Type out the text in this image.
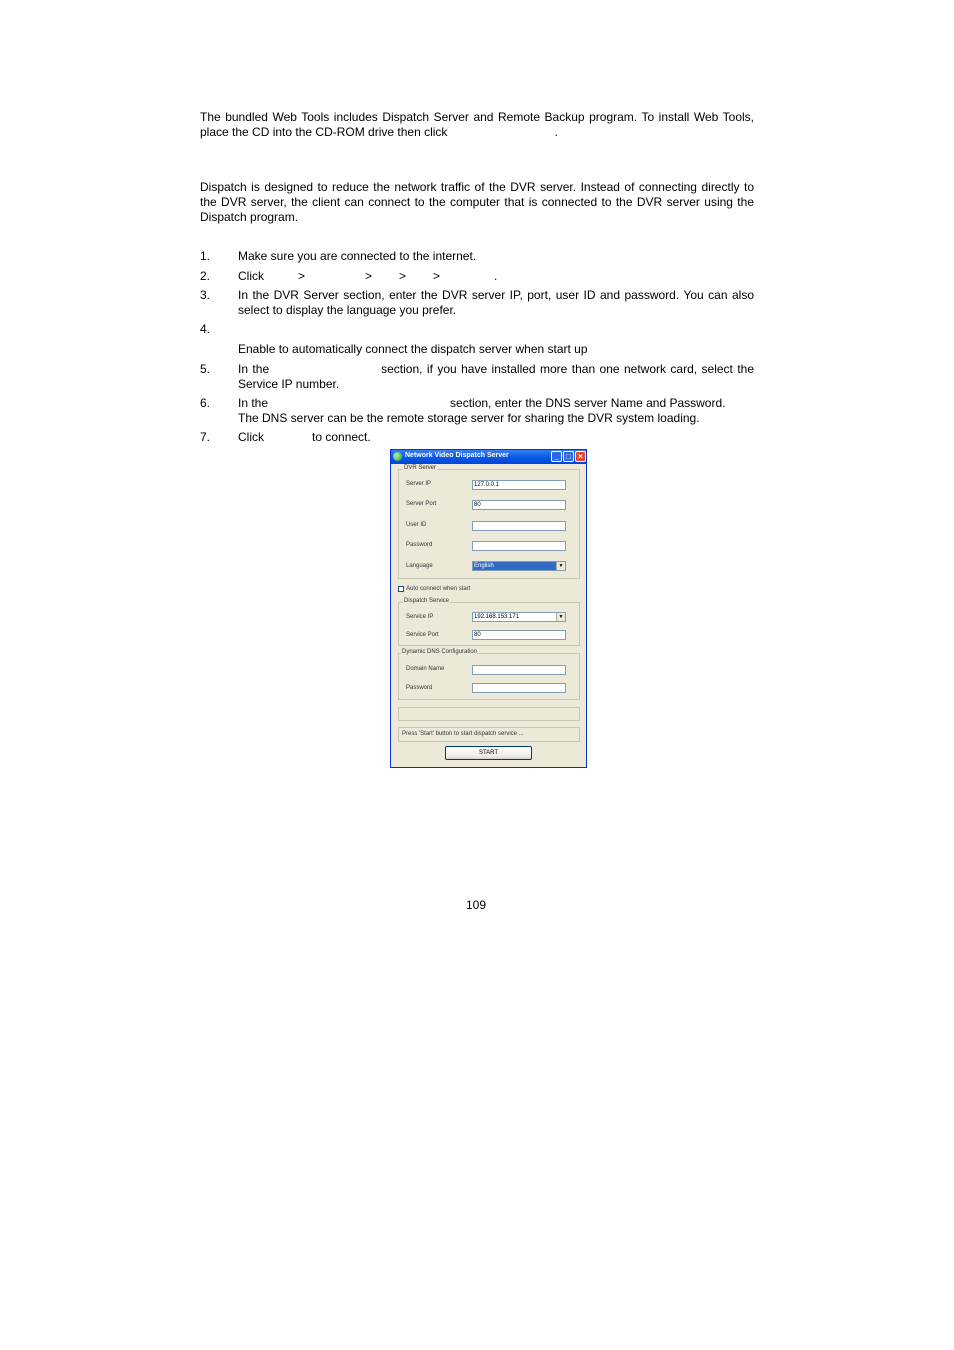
The bundled Web Tools includes Dispatch Server and Remote Backup program. To install Web Tools, place the CD into the CD-ROM drive then click	.

Dispatch is designed to reduce the network traffic of the DVR server. Instead of connecting directly to the DVR server, the client can connect to the computer that is connected to the DVR server using the Dispatch program.

1. Make sure you are connected to the internet.
2. Click	>	> > >	.
3. In the DVR Server section, enter the DVR server IP, port, user ID and password. You can also select to display the language you prefer.
4.
Enable to automatically connect the dispatch server when start up
5. In the	section, if you have installed more than one network card, select the Service IP number.
6. In the	section, enter the DNS server Name and Password.
The DNS server can be the remote storage server for sharing the DVR system loading.
7. Click	to connect.
Network Video Dispatch Server	_ □ ×
DVR Server
Server IP	127.0.0.1
Server Port	80
User ID
Password
Language	English	▼
Auto connect when start
Dispatch Service
Service IP	192.168.153.171	▼
Service Port	80
Dynamic DNS Configuration
Domain Name
Password
Press 'Start' button to start dispatch service ...
START
109
